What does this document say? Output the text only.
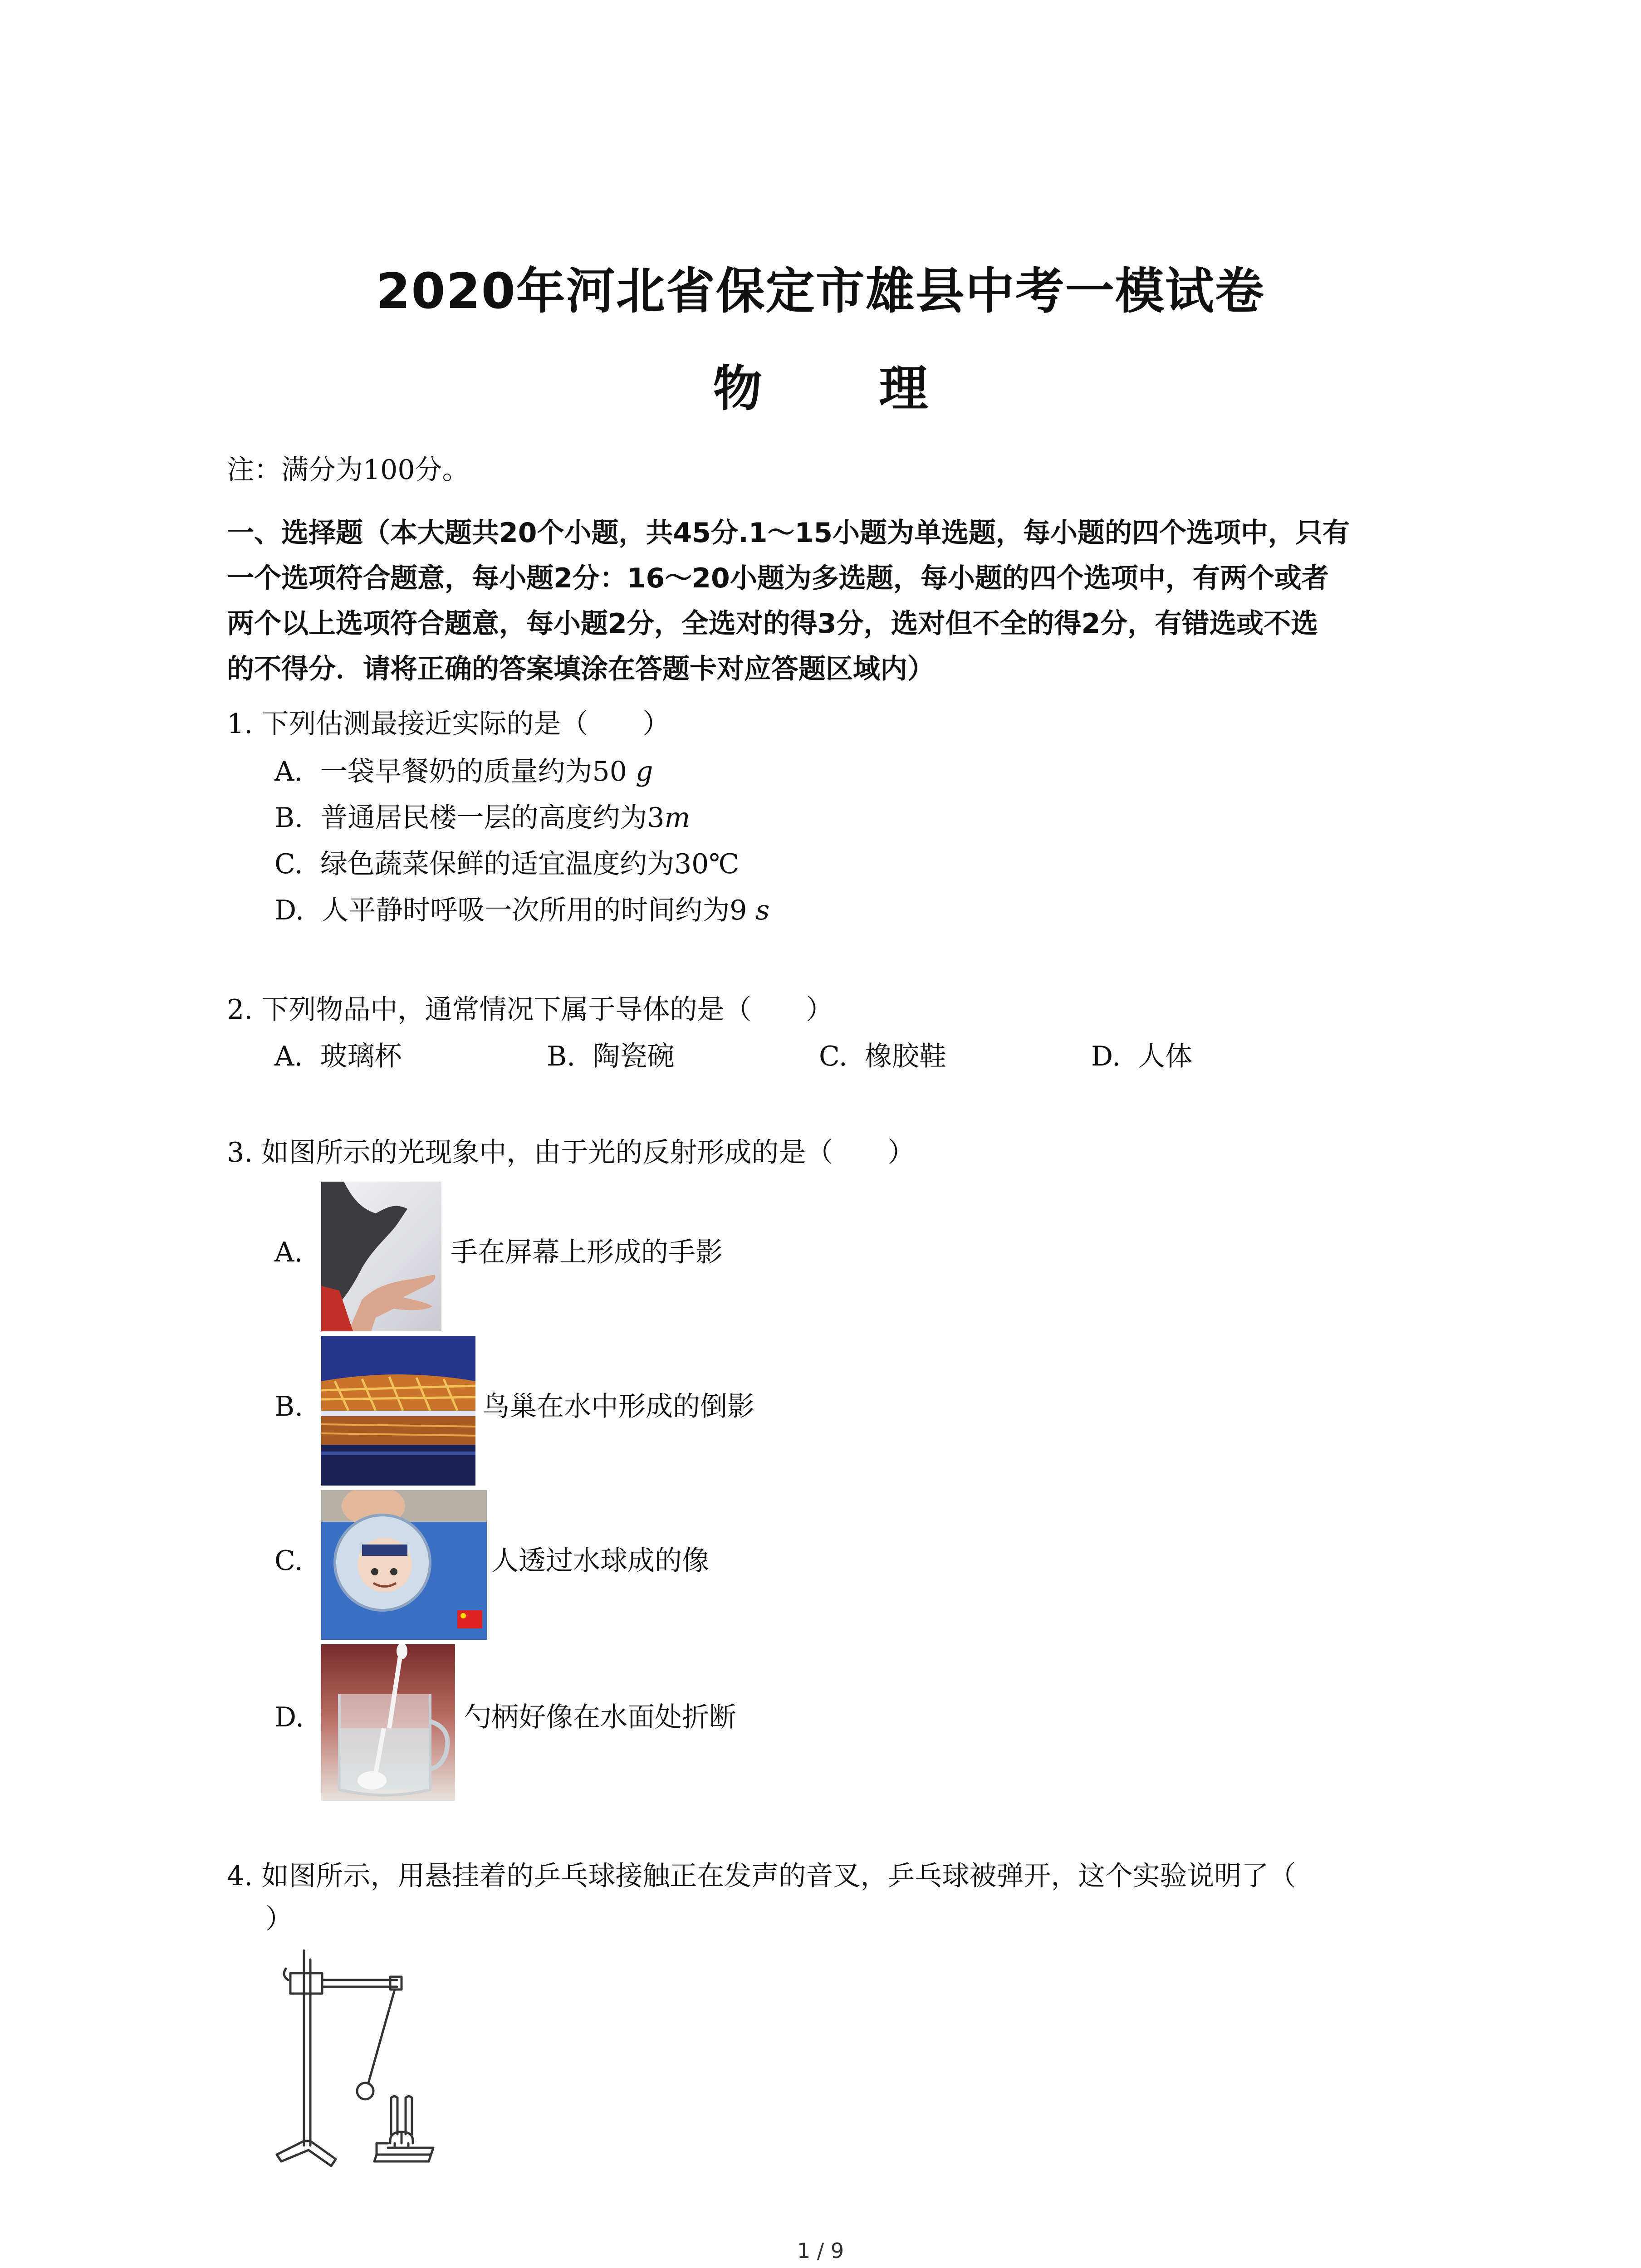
2020年河北省保定市雄县中考一模试卷
物 理
注：满分为100分。
一、选择题（本大题共20个小题，共45分.1～15小题为单选题，每小题的四个选项中，只有
一个选项符合题意，每小题2分：16～20小题为多选题，每小题的四个选项中，有两个或者
两个以上选项符合题意，每小题2分，全选对的得3分，选对但不全的得2分，有错选或不选
的不得分．请将正确的答案填涂在答题卡对应答题区域内）
1. 下列估测最接近实际的是（　　）
A. 一袋早餐奶的质量约为50 g
B. 普通居民楼一层的高度约为3m
C. 绿色蔬菜保鲜的适宜温度约为30℃
D. 人平静时呼吸一次所用的时间约为9 s
2. 下列物品中，通常情况下属于导体的是（　　）
A. 玻璃杯	B. 陶瓷碗	C. 橡胶鞋	D. 人体
3. 如图所示的光现象中，由于光的反射形成的是（　　）
A.	手在屏幕上形成的手影
B.	鸟巢在水中形成的倒影
C.	人透过水球成的像
D.	勺柄好像在水面处折断
4. 如图所示，用悬挂着的乒乓球接触正在发声的音叉，乒乓球被弹开，这个实验说明了（
）
1 / 9
